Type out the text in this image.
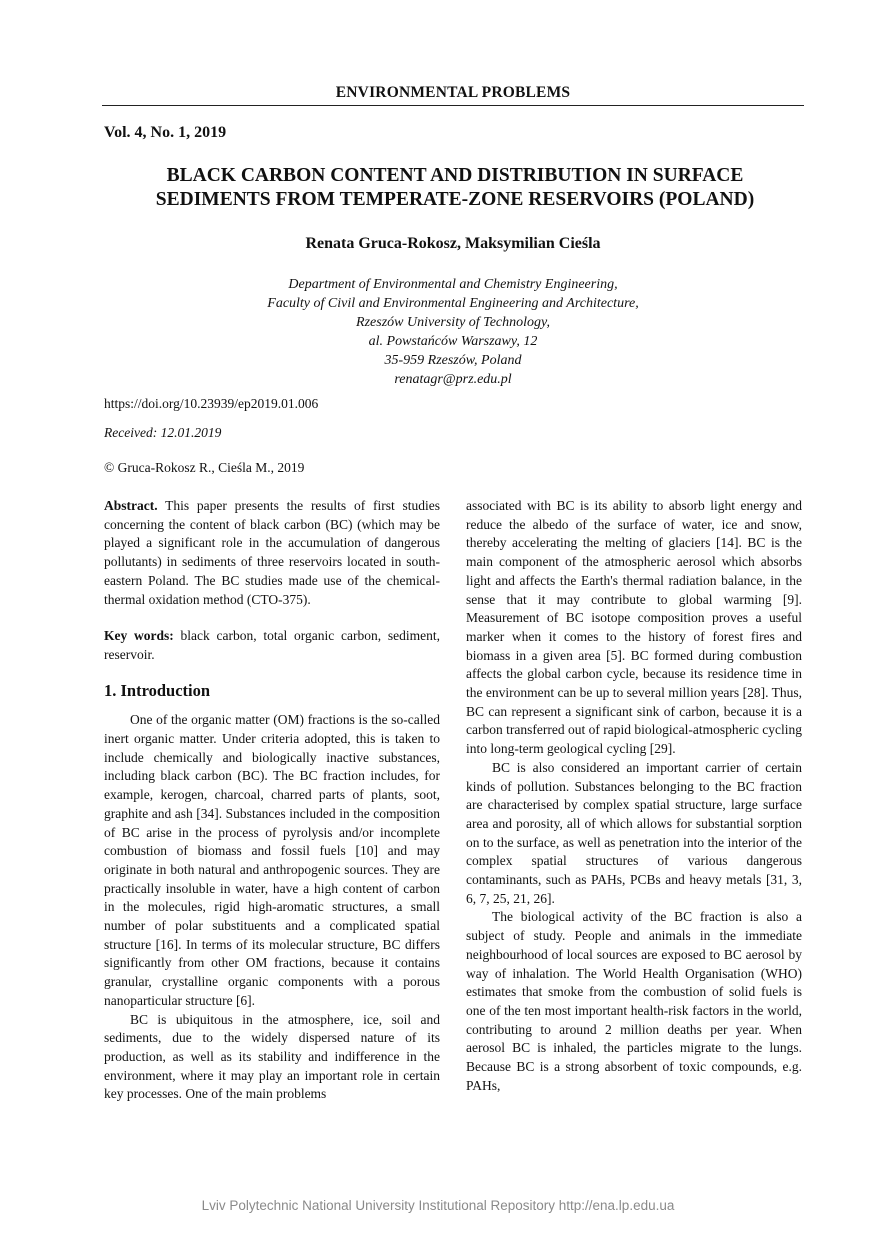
ENVIRONMENTAL PROBLEMS
Vol. 4, No. 1, 2019
BLACK CARBON CONTENT AND DISTRIBUTION IN SURFACE
SEDIMENTS FROM TEMPERATE-ZONE RESERVOIRS (POLAND)
Renata Gruca-Rokosz, Maksymilian Cieśla
Department of Environmental and Chemistry Engineering,
Faculty of Civil and Environmental Engineering and Architecture,
Rzeszów University of Technology,
al. Powstańców Warszawy, 12
35-959 Rzeszów, Poland
renatagr@prz.edu.pl
https://doi.org/10.23939/ep2019.01.006
Received: 12.01.2019
© Gruca-Rokosz R., Cieśla M., 2019

Abstract. This paper presents the results of first studies concerning the content of black carbon (BC) (which may be played a significant role in the accumulation of dangerous pollutants) in sediments of three reservoirs located in south-eastern Poland. The BC studies made use of the chemical-thermal oxidation method (CTO-375).

Key words: black carbon, total organic carbon, sediment, reservoir.

1. Introduction

One of the organic matter (OM) fractions is the so-called inert organic matter. Under criteria adopted, this is taken to include chemically and biologically inactive substances, including black carbon (BC). The BC fraction includes, for example, kerogen, charcoal, charred parts of plants, soot, graphite and ash [34]. Substances included in the composition of BC arise in the process of pyrolysis and/or incomplete combustion of biomass and fossil fuels [10] and may originate in both natural and anthropogenic sources. They are practically insoluble in water, have a high content of carbon in the molecules, rigid high-aromatic structures, a small number of polar substituents and a complicated spatial structure [16]. In terms of its molecular structure, BC differs significantly from other OM fractions, because it contains granular, crystalline organic components with a porous nanoparticular structure [6].

BC is ubiquitous in the atmosphere, ice, soil and sediments, due to the widely dispersed nature of its production, as well as its stability and indifference in the environment, where it may play an important role in certain key processes. One of the main problems

associated with BC is its ability to absorb light energy and reduce the albedo of the surface of water, ice and snow, thereby accelerating the melting of glaciers [14]. BC is the main component of the atmospheric aerosol which absorbs light and affects the Earth's thermal radiation balance, in the sense that it may contribute to global warming [9]. Measurement of BC isotope composition proves a useful marker when it comes to the history of forest fires and biomass in a given area [5]. BC formed during combustion affects the global carbon cycle, because its residence time in the environment can be up to several million years [28]. Thus, BC can represent a significant sink of carbon, because it is a carbon transferred out of rapid biological-atmospheric cycling into long-term geological cycling [29].

BC is also considered an important carrier of certain kinds of pollution. Substances belonging to the BC fraction are characterised by complex spatial structure, large surface area and porosity, all of which allows for substantial sorption on to the surface, as well as penetration into the interior of the complex spatial structures of various dangerous contaminants, such as PAHs, PCBs and heavy metals [31, 3, 6, 7, 25, 21, 26].

The biological activity of the BC fraction is also a subject of study. People and animals in the immediate neighbourhood of local sources are exposed to BC aerosol by way of inhalation. The World Health Organisation (WHO) estimates that smoke from the combustion of solid fuels is one of the ten most important health-risk factors in the world, contributing to around 2 million deaths per year. When aerosol BC is inhaled, the particles migrate to the lungs. Because BC is a strong absorbent of toxic compounds, e.g. PAHs,

Lviv Polytechnic National University Institutional Repository http://ena.lp.edu.ua
